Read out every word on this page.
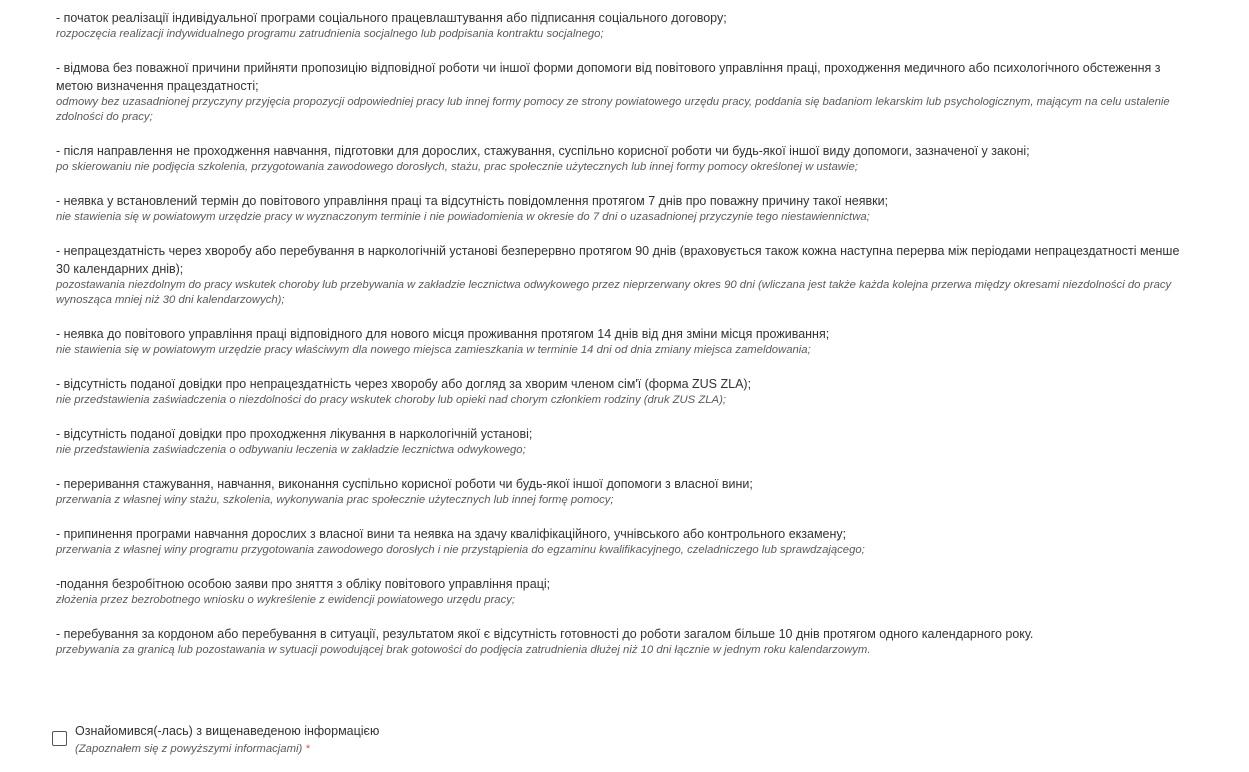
- початок реалізації індивідуальної програми соціального працевлаштування або підписання соціального договору;
rozpoczęcia realizacji indywidualnego programu zatrudnienia socjalnego lub podpisania kontraktu socjalnego;
- відмова без поважної причини прийняти пропозицію відповідної роботи чи іншої форми допомоги від повітового управління праці, проходження медичного або психологічного обстеження з метою визначення працездатності;
odmowy bez uzasadnionej przyczyny przyjęcia propozycji odpowiedniej pracy lub innej formy pomocy ze strony powiatowego urzędu pracy, poddania się badaniom lekarskim lub psychologicznym, mającym na celu ustalenie zdolności do pracy;
- після направлення не проходження навчання, підготовки для дорослих, стажування, суспільно корисної роботи чи будь-якої іншої виду допомоги, зазначеної у законі;
po skierowaniu nie podjęcia szkolenia, przygotowania zawodowego dorosłych, stażu, prac społecznie użytecznych lub innej formy pomocy określonej w ustawie;
- неявка у встановлений термін до повітового управління праці та відсутність повідомлення протягом 7 днів про поважну причину такої неявки;
nie stawienia się w powiatowym urzędzie pracy w wyznaczonym terminie i nie powiadomienia w okresie do 7 dni o uzasadnionej przyczynie tego niestawiennictwa;
- непрацездатність через хворобу або перебування в наркологічній установі безперервно протягом 90 днів (враховується також кожна наступна перерва між періодами непрацездатності менше 30 календарних днів);
pozostawania niezdolnym do pracy wskutek choroby lub przebywania w zakładzie lecznictwa odwykowego przez nieprzerwany okres 90 dni (wliczana jest także każda kolejna przerwa między okresami niezdolności do pracy wynosząca mniej niż 30 dni kalendarzowych);
- неявка до повітового управління праці відповідного для нового місця проживання протягом 14 днів від дня зміни місця проживання;
nie stawienia się w powiatowym urzędzie pracy właściwym dla nowego miejsca zamieszkania w terminie 14 dni od dnia zmiany miejsca zameldowania;
- відсутність поданої довідки про непрацездатність через хворобу або догляд за хворим членом сім'ї (форма ZUS ZLA);
nie przedstawienia zaświadczenia o niezdolności do pracy wskutek choroby lub opieki nad chorym członkiem rodziny (druk ZUS ZLA);
- відсутність поданої довідки про проходження лікування в наркологічній установі;
nie przedstawienia zaświadczenia o odbywaniu leczenia w zakładzie lecznictwa odwykowego;
- переривання стажування, навчання, виконання суспільно корисної роботи чи будь-якої іншої допомоги з власної вини;
przerwania z własnej winy stażu, szkolenia, wykonywania prac społecznie użytecznych lub innej formę pomocy;
- припинення програми навчання дорослих з власної вини та неявка на здачу кваліфікаційного, учнівського або контрольного екзамену;
przerwania z własnej winy programu przygotowania zawodowego dorosłych i nie przystąpienia do egzaminu kwalifikacyjnego, czeladniczego lub sprawdzającego;
-подання безробітною особою заяви про зняття з обліку повітового управління праці;
złożenia przez bezrobotnego wniosku o wykreślenie z ewidencji powiatowego urzędu pracy;
- перебування за кордоном або перебування в ситуації, результатом якої є відсутність готовності до роботи загалом більше 10 днів протягом одного календарного року.
przebywania za granicą lub pozostawania w sytuacji powodującej brak gotowości do podjęcia zatrudnienia dłużej niż 10 dni łącznie w jednym roku kalendarzowym.
Ознайомився(-лась) з вищенаведеною інформацією
(Zapoznałem się z powyższymi informacjami) *
